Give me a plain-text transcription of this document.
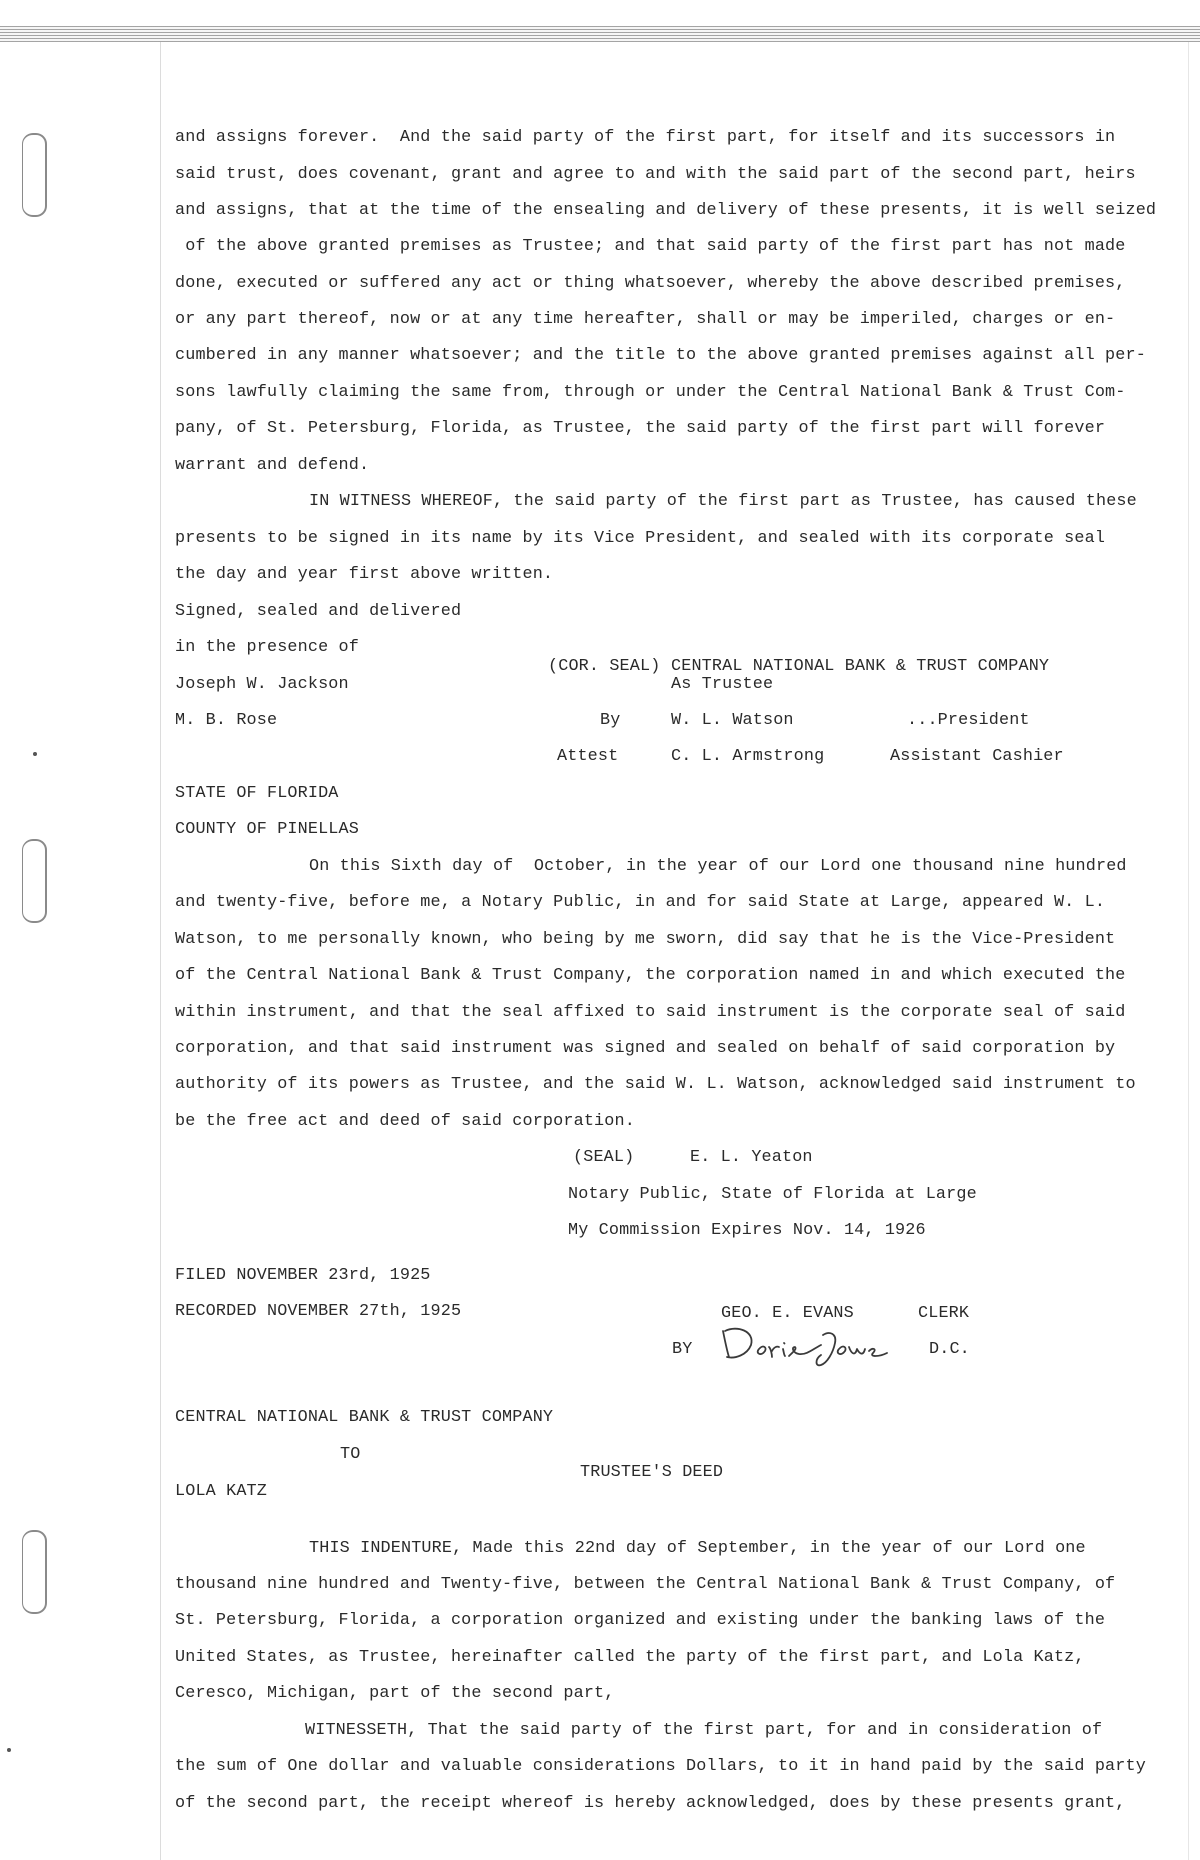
and assigns forever.  And the said party of the first part, for itself and its successors in
said trust, does covenant, grant and agree to and with the said part of the second part, heirs
and assigns, that at the time of the ensealing and delivery of these presents, it is well seized
of the above granted premises as Trustee; and that said party of the first part has not made
done, executed or suffered any act or thing whatsoever, whereby the above described premises,
or any part thereof, now or at any time hereafter, shall or may be imperiled, charges or en-
cumbered in any manner whatsoever; and the title to the above granted premises against all per-
sons lawfully claiming the same from, through or under the Central National Bank & Trust Com-
pany, of St. Petersburg, Florida, as Trustee, the said party of the first part will forever
warrant and defend.
IN WITNESS WHEREOF, the said party of the first part as Trustee, has caused these
presents to be signed in its name by its Vice President, and sealed with its corporate seal
the day and year first above written.
Signed, sealed and delivered
in the presence of
(COR. SEAL) CENTRAL NATIONAL BANK & TRUST COMPANY
As Trustee
Joseph W. Jackson
M. B. Rose	By	W. L. Watson	...President
Attest	C. L. Armstrong	Assistant Cashier
STATE OF FLORIDA
COUNTY OF PINELLAS
On this Sixth day of  October, in the year of our Lord one thousand nine hundred
and twenty-five, before me, a Notary Public, in and for said State at Large, appeared W. L.
Watson, to me personally known, who being by me sworn, did say that he is the Vice-President
of the Central National Bank & Trust Company, the corporation named in and which executed the
within instrument, and that the seal affixed to said instrument is the corporate seal of said
corporation, and that said instrument was signed and sealed on behalf of said corporation by
authority of its powers as Trustee, and the said W. L. Watson, acknowledged said instrument to
be the free act and deed of said corporation.
(SEAL)	E. L. Yeaton
Notary Public, State of Florida at Large
My Commission Expires Nov. 14, 1926
FILED NOVEMBER 23rd, 1925
RECORDED NOVEMBER 27th, 1925	GEO. E. EVANS	CLERK
BY	D.C.
CENTRAL NATIONAL BANK & TRUST COMPANY
TO
TRUSTEE'S DEED
LOLA KATZ
THIS INDENTURE, Made this 22nd day of September, in the year of our Lord one
thousand nine hundred and Twenty-five, between the Central National Bank & Trust Company, of
St. Petersburg, Florida, a corporation organized and existing under the banking laws of the
United States, as Trustee, hereinafter called the party of the first part, and Lola Katz,
Ceresco, Michigan, part of the second part,
WITNESSETH, That the said party of the first part, for and in consideration of
the sum of One dollar and valuable considerations Dollars, to it in hand paid by the said party
of the second part, the receipt whereof is hereby acknowledged, does by these presents grant,
